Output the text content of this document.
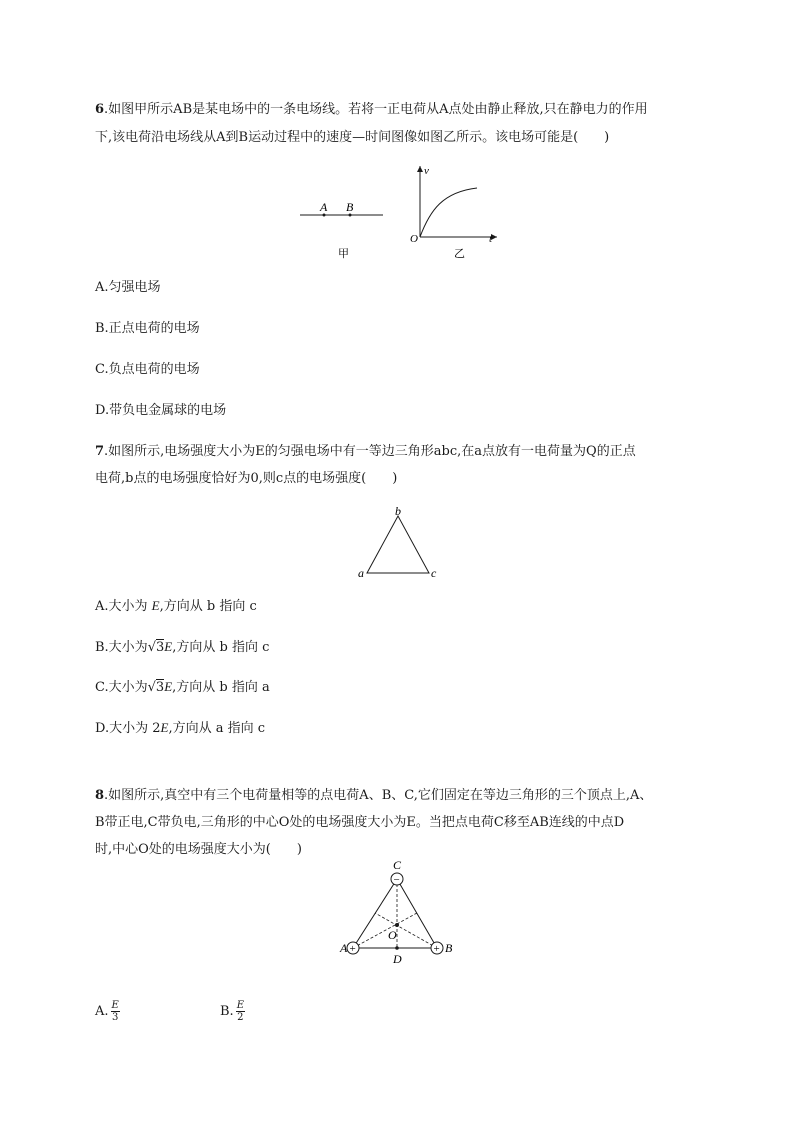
6.如图甲所示AB是某电场中的一条电场线。若将一正电荷从A点处由静止释放,只在静电力的作用
下,该电荷沿电场线从A到B运动过程中的速度—时间图像如图乙所示。该电场可能是(　　)
A B
甲
v
t
O
乙
A.匀强电场
B.正点电荷的电场
C.负点电荷的电场
D.带负电金属球的电场
7.如图所示,电场强度大小为E的匀强电场中有一等边三角形abc,在a点放有一电荷量为Q的正点
电荷,b点的电场强度恰好为0,则c点的电场强度(　　)
b
a	c
A.大小为 E,方向从 b 指向 c
B.大小为√3E,方向从 b 指向 c
C.大小为√3E,方向从 b 指向 a
D.大小为 2E,方向从 a 指向 c
8.如图所示,真空中有三个电荷量相等的点电荷A、B、C,它们固定在等边三角形的三个顶点上,A、
B带正电,C带负电,三角形的中心O处的电场强度大小为E。当把点电荷C移至AB连线的中点D
时,中心O处的电场强度大小为(　　)
−
+	+
C
A	B
O
D
A. $\frac{E}{3}$	B. $\frac{E}{2}$
